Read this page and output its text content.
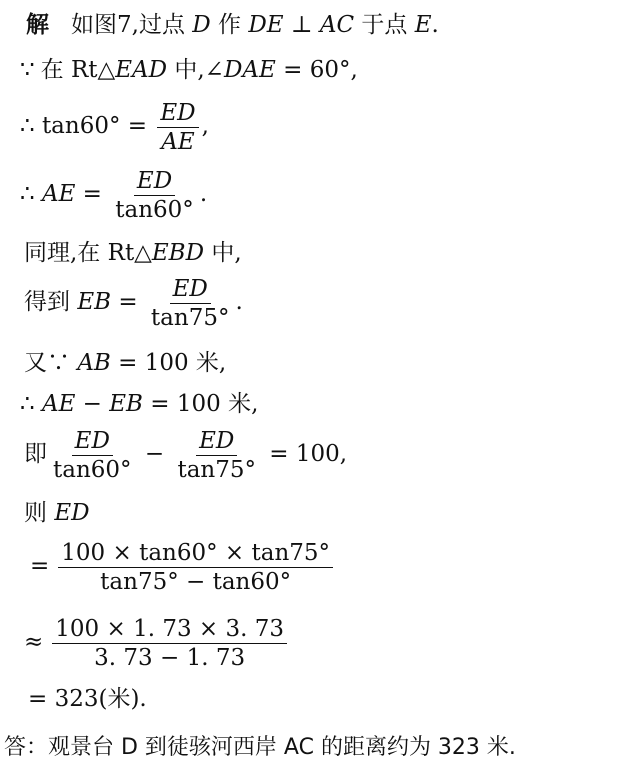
解 如图7,过点 D 作 DE ⊥ AC 于点 E.
∵ 在 Rt△EAD 中,∠DAE = 60°,
∴ $\tan 60^\circ = \frac{ED}{AE}$ ,
∴ AE = $\frac{ED}{\tan 60^\circ}$ .
同理,在 Rt△EBD 中,
得到 EB = $\frac{ED}{\tan 75^\circ}$ .
又∵ AB = 100 米,
∴ AE − EB = 100 米,
即 $\frac{ED}{\tan 60^\circ} - \frac{ED}{\tan 75^\circ} = 100$,
则 ED
= $\frac{100 \times \tan 60^\circ \times \tan 75^\circ}{\tan 75^\circ - \tan 60^\circ}$
≈ $\frac{100 \times 1. 73 \times 3. 73}{3. 73 - 1. 73}$
= 323(米).
答：观景台 D 到徒骇河西岸 AC 的距离约为 323 米.
